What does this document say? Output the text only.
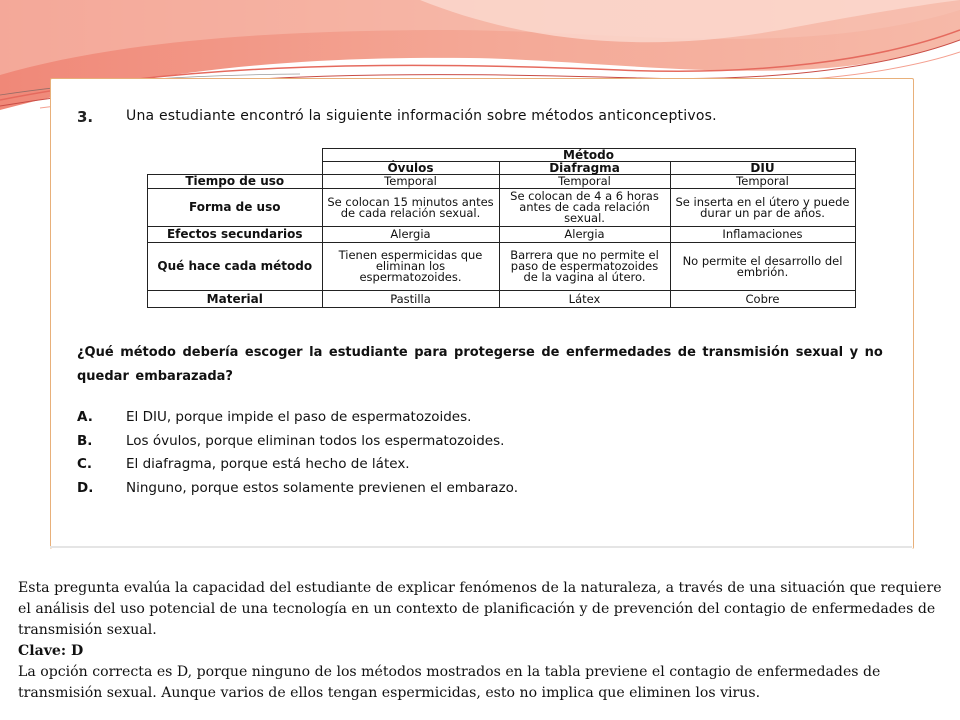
3. Una estudiante encontró la siguiente información sobre métodos anticonceptivos.
	Método		
	Óvulos	Diafragma	DIU
Tiempo de uso	Temporal	Temporal	Temporal
Forma de uso	Se colocan 15 minutos antes de cada relación sexual.	Se colocan de 4 a 6 horas antes de cada relación sexual.	Se inserta en el útero y puede durar un par de años.
Efectos secundarios	Alergia	Alergia	Inflamaciones
Qué hace cada método	Tienen espermicidas que eliminan los espermatozoides.	Barrera que no permite el paso de espermatozoides de la vagina al útero.	No permite el desarrollo del embrión.
Material	Pastilla	Látex	Cobre
¿Qué método debería escoger la estudiante para protegerse de enfermedades de transmisión sexual y no quedar embarazada?
A. El DIU, porque impide el paso de espermatozoides.
B. Los óvulos, porque eliminan todos los espermatozoides.
C.	El diafragma, porque está hecho de látex.
D. Ninguno, porque estos solamente previenen el embarazo.

Esta pregunta evalúa la capacidad del estudiante de explicar fenómenos de la naturaleza, a través de una situación que requiere el análisis del uso potencial de una tecnología en un contexto de planificación y de prevención del contagio de enfermedades de transmisión sexual.

Clave: D

La opción correcta es D, porque ninguno de los métodos mostrados en la tabla previene el contagio de enfermedades de transmisión sexual. Aunque varios de ellos tengan espermicidas, esto no implica que eliminen los virus.
